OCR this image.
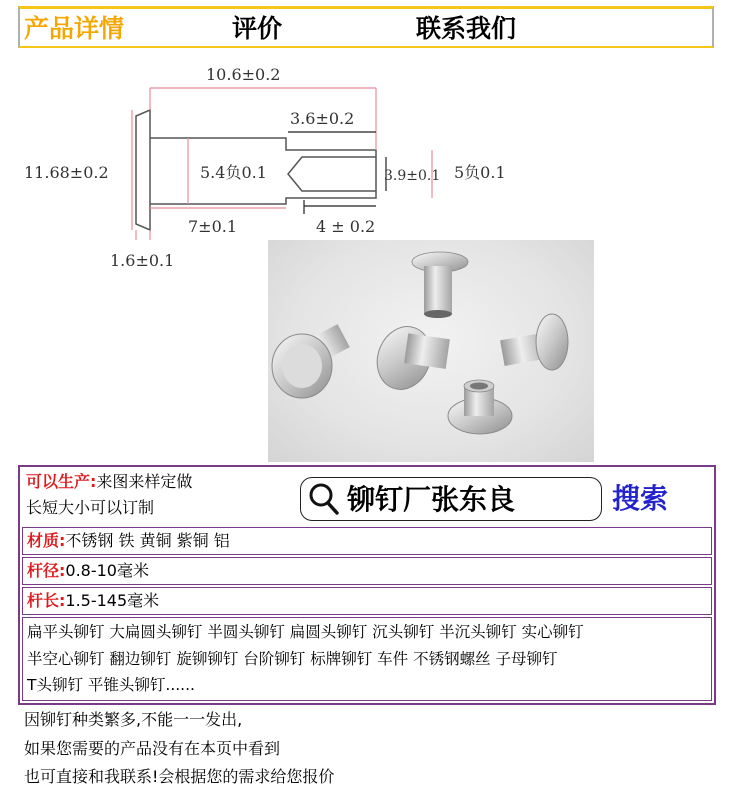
产品详情	评价	联系我们
10.6±0.2
3.6±0.2
11.68±0.2	5.4负0.1	3.9±0.1 5负0.1
7±0.1	4 ± 0.2
1.6±0.1
可以生产:来图来样定做
长短大小可以订制	铆钉厂张东良	搜索
材质:不锈钢 铁 黄铜 紫铜 铝
杆径:0.8-10毫米
杆长:1.5-145毫米
扁平头铆钉 大扁圆头铆钉 半圆头铆钉 扁圆头铆钉 沉头铆钉 半沉头铆钉 实心铆钉
半空心铆钉 翻边铆钉 旋铆铆钉 台阶铆钉 标牌铆钉 车件 不锈钢螺丝 子母铆钉
T头铆钉 平锥头铆钉......
因铆钉种类繁多,不能一一发出,
如果您需要的产品没有在本页中看到
也可直接和我联系!会根据您的需求给您报价
